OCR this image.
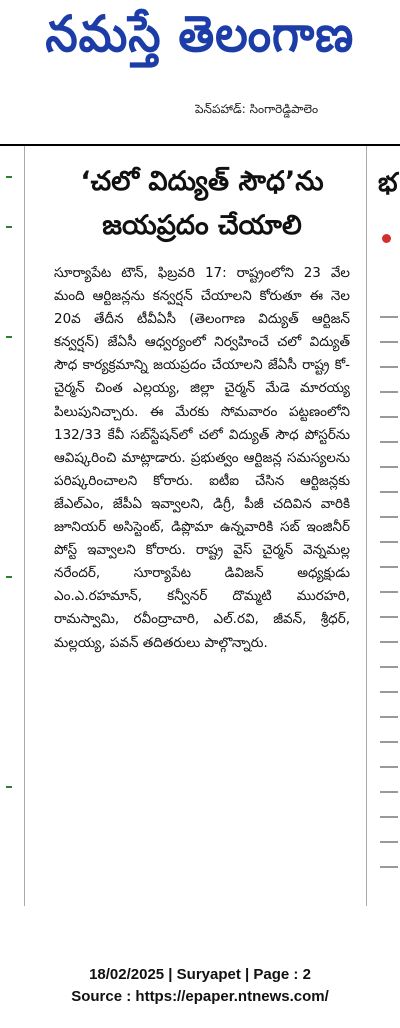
నమస్తే తెలంగాణ
పెన్‌పహాడ్: సింగారెడ్డిపాలెం
‘చలో విద్యుత్ సౌధ’ను
జయప్రదం చేయాలి

సూర్యాపేట టౌన్, ఫిబ్రవరి 17: రాష్ట్రంలోని 23 వేల మంది ఆర్టిజన్లను కన్వర్షన్ చేయాలని కోరుతూ ఈ నెల 20వ తేదీన టీవీఏసీ (తెలంగాణ విద్యుత్ ఆర్టిజన్ కన్వర్షన్) జేఏసీ ఆధ్వర్యంలో నిర్వహించే చలో విద్యుత్ సౌధ కార్యక్రమాన్ని జయప్రదం చేయాలని జేఏసీ రాష్ట్ర కో-చైర్మన్ చింత ఎల్లయ్య, జిల్లా చైర్మన్ మేడె మారయ్య పిలుపునిచ్చారు. ఈ మేరకు సోమవారం పట్టణంలోని 132/33 కేవీ సబ్‌స్టేషన్‌లో చలో విద్యుత్ సౌధ పోస్టర్‌ను ఆవిష్కరించి మాట్లాడారు. ప్రభుత్వం ఆర్టిజన్ల సమస్యలను పరిష్కరించాలని కోరారు. ఐటీఐ చేసిన ఆర్టిజన్లకు జేఎల్ఎం, జేపీఏ ఇవ్వాలని, డిగ్రీ, పీజీ చదివిన వారికి జూనియర్ అసిస్టెంట్, డిప్లొమా ఉన్నవారికి సబ్ ఇంజినీర్ పోస్ట్ ఇవ్వాలని కోరారు. రాష్ట్ర వైస్ చైర్మన్ వెన్నమల్ల నరేందర్, సూర్యాపేట డివిజన్ అధ్యక్షుడు ఎం.ఎ.రహమాన్, కన్వీనర్ దొమ్మటి మురహరి, రామస్వామి, రవీంద్రాచారి, ఎల్.రవి, జీవన్, శ్రీధర్, మల్లయ్య, పవన్ తదితరులు పాల్గొన్నారు.

భ
18/02/2025 | Suryapet | Page : 2
Source : https://epaper.ntnews.com/
